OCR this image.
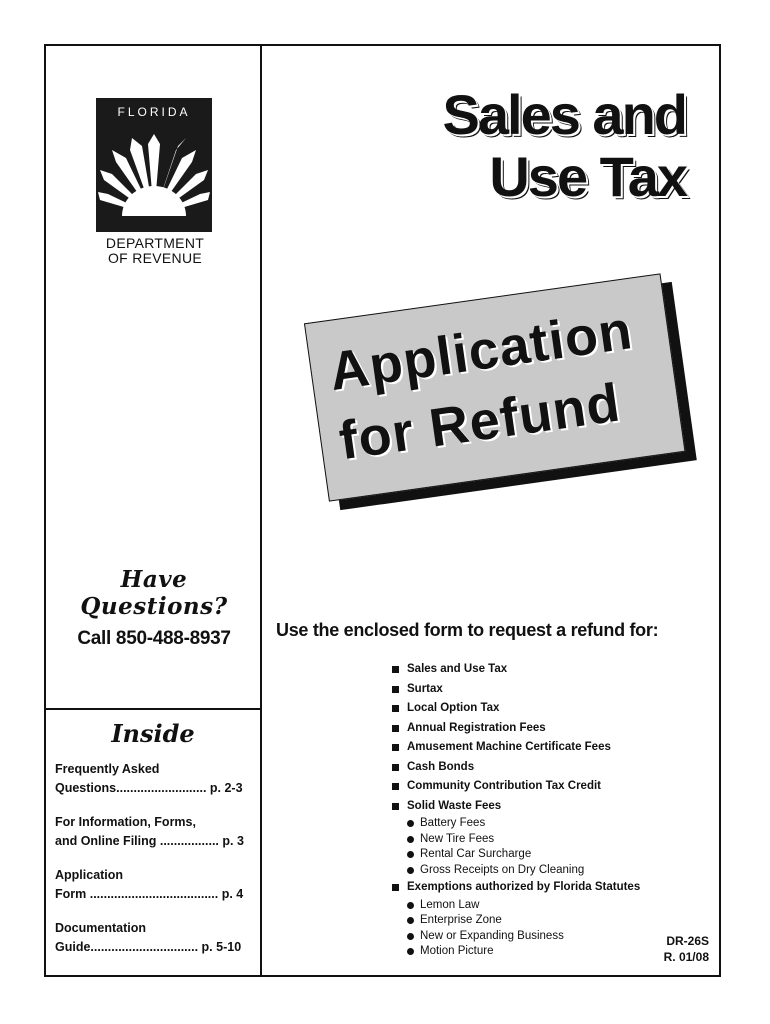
FLORIDA
DEPARTMENT
OF REVENUE
Have
Questions?
Call 850-488-8937
Inside
Frequently Asked
Questions.......................... p. 2-3
For Information, Forms,
and Online Filing ................. p. 3
Application
Form ..................................... p. 4
Documentation
Guide............................... p. 5-10
Sales and
Use Tax
Application
for Refund
Use the enclosed form to request a refund for:
Sales and Use Tax
Surtax
Local Option Tax
Annual Registration Fees
Amusement Machine Certificate Fees
Cash Bonds
Community Contribution Tax Credit
Solid Waste Fees
Battery Fees
New Tire Fees
Rental Car Surcharge
Gross Receipts on Dry Cleaning
Exemptions authorized by Florida Statutes
Lemon Law
Enterprise Zone
New or Expanding Business
Motion Picture
DR-26S
R. 01/08
